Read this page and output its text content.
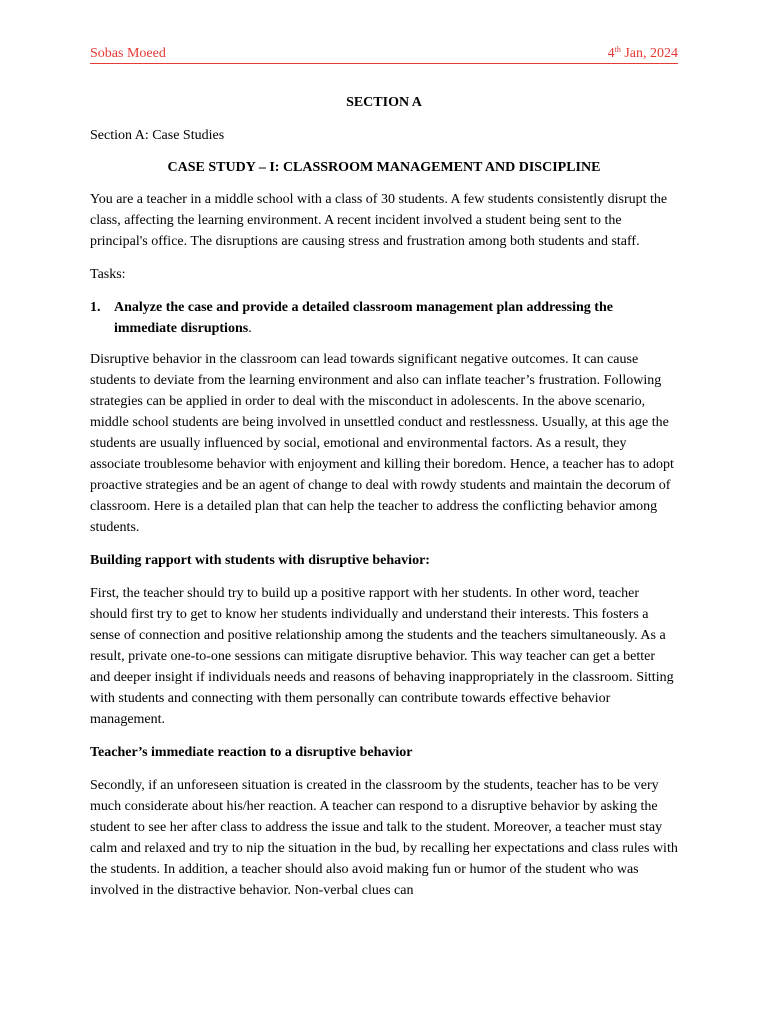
Sobas Moeed	4th Jan, 2024
SECTION A
Section A: Case Studies
CASE STUDY – I: CLASSROOM MANAGEMENT AND DISCIPLINE

You are a teacher in a middle school with a class of 30 students. A few students consistently disrupt the class, affecting the learning environment. A recent incident involved a student being sent to the principal's office. The disruptions are causing stress and frustration among both students and staff.

Tasks:

1. Analyze the case and provide a detailed classroom management plan addressing the immediate disruptions.

Disruptive behavior in the classroom can lead towards significant negative outcomes. It can cause students to deviate from the learning environment and also can inflate teacher’s frustration. Following strategies can be applied in order to deal with the misconduct in adolescents. In the above scenario, middle school students are being involved in unsettled conduct and restlessness. Usually, at this age the students are usually influenced by social, emotional and environmental factors. As a result, they associate troublesome behavior with enjoyment and killing their boredom. Hence, a teacher has to adopt proactive strategies and be an agent of change to deal with rowdy students and maintain the decorum of classroom. Here is a detailed plan that can help the teacher to address the conflicting behavior among students.

Building rapport with students with disruptive behavior:

First, the teacher should try to build up a positive rapport with her students. In other word, teacher should first try to get to know her students individually and understand their interests. This fosters a sense of connection and positive relationship among the students and the teachers simultaneously. As a result, private one-to-one sessions can mitigate disruptive behavior. This way teacher can get a better and deeper insight if individuals needs and reasons of behaving inappropriately in the classroom. Sitting with students and connecting with them personally can contribute towards effective behavior management.

Teacher’s immediate reaction to a disruptive behavior

Secondly, if an unforeseen situation is created in the classroom by the students, teacher has to be very much considerate about his/her reaction. A teacher can respond to a disruptive behavior by asking the student to see her after class to address the issue and talk to the student. Moreover, a teacher must stay calm and relaxed and try to nip the situation in the bud, by recalling her expectations and class rules with the students. In addition, a teacher should also avoid making fun or humor of the student who was involved in the distractive behavior. Non-verbal clues can
